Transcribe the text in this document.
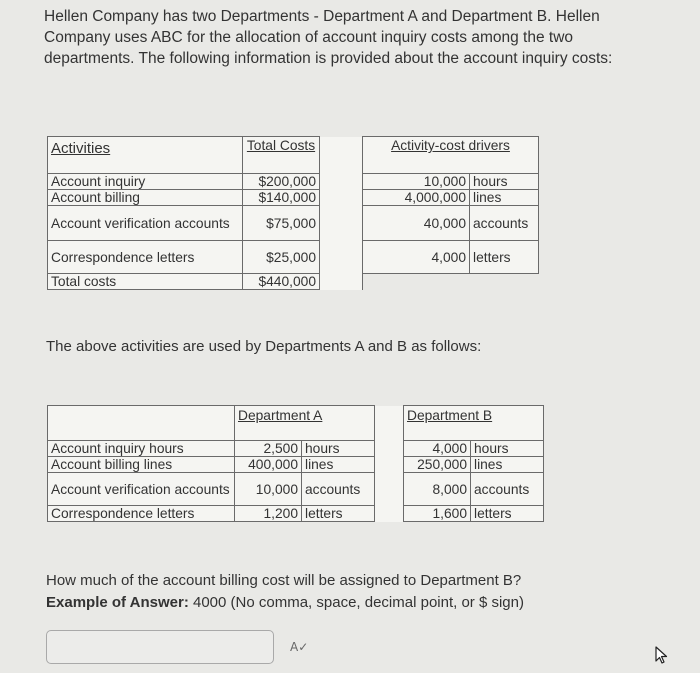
Hellen Company has two Departments - Department A and Department B. Hellen

Company uses ABC for the allocation of account inquiry costs among the two

departments. The following information is provided about the account inquiry costs:

Activities	Total Costs		Activity-cost drivers	
Account inquiry	$200,000		10,000	hours
Account billing	$140,000		4,000,000	lines
Account verification accounts	$75,000		40,000	accounts
Correspondence letters	$25,000		4,000	letters
Total costs	$440,000			
The above activities are used by Departments A and B as follows:
	Department A			Department B	
Account inquiry hours	2,500	hours		4,000	hours
Account billing lines	400,000	lines		250,000	lines
Account verification accounts	10,000	accounts		8,000	accounts
Correspondence letters	1,200	letters		1,600	letters

How much of the account billing cost will be assigned to Department B?

Example of Answer: 4000 (No comma, space, decimal point, or $ sign)

A✓
